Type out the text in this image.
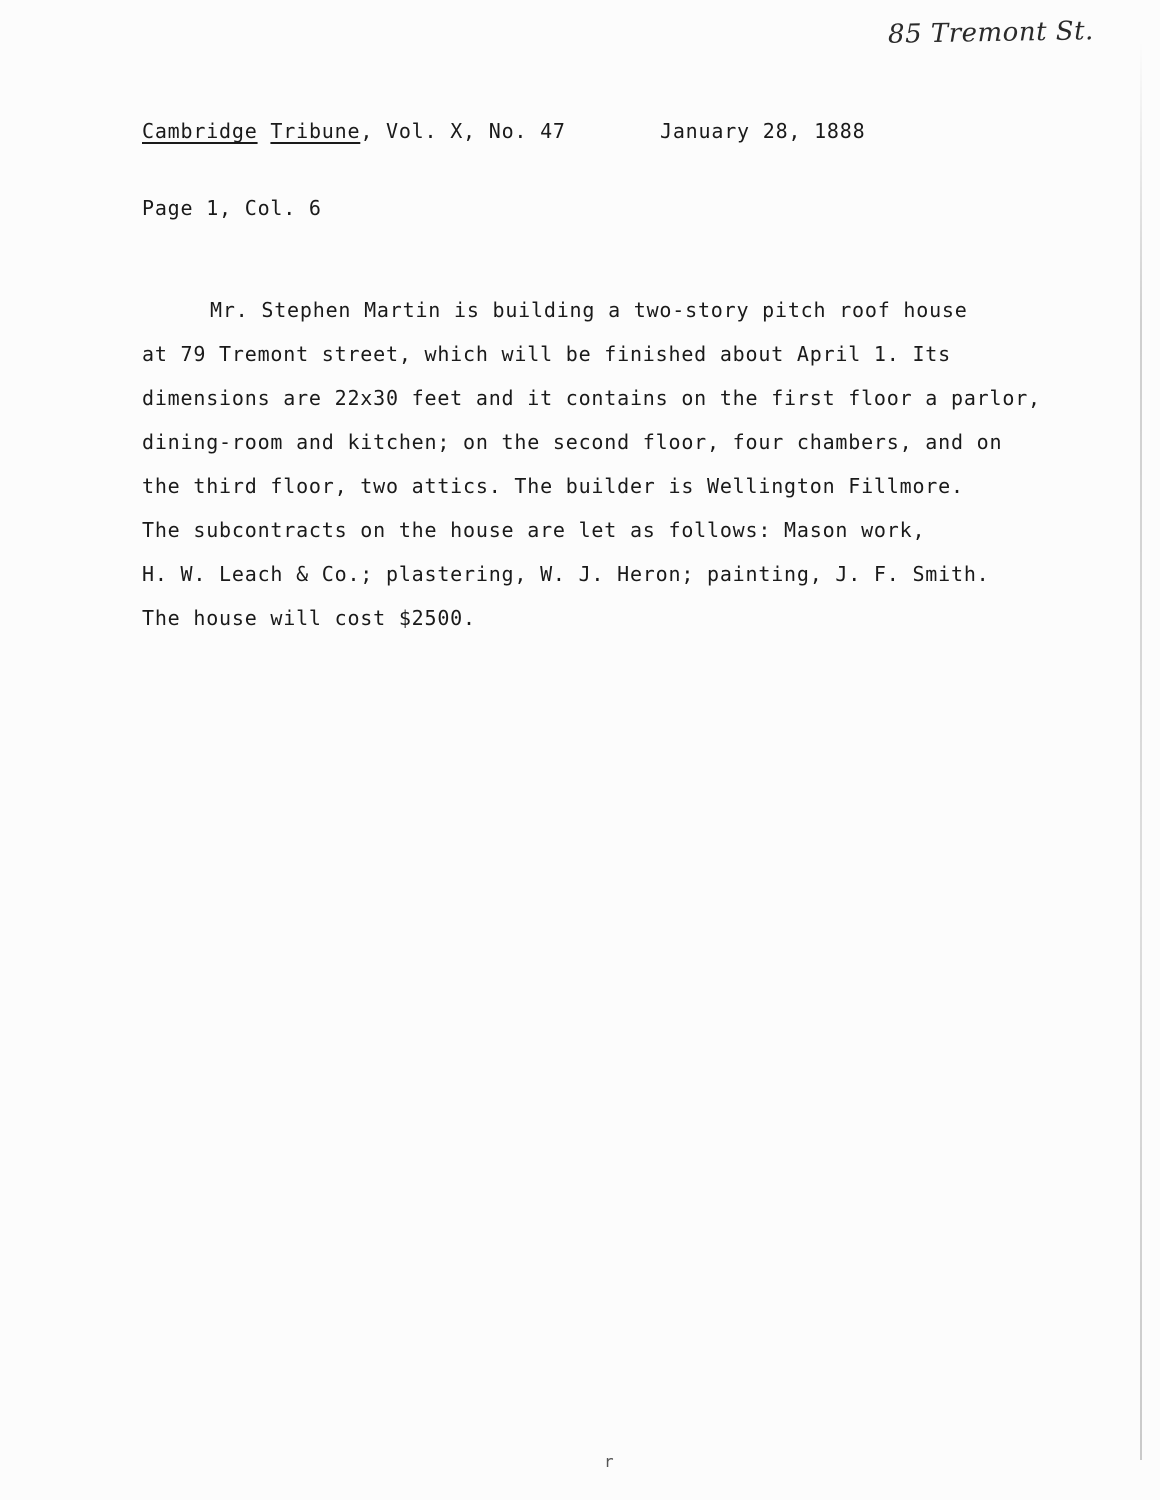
85 Tremont St.
Cambridge Tribune, Vol. X, No. 47	January 28, 1888
Page 1, Col. 6
Mr. Stephen Martin is building a two-story pitch roof house
at 79 Tremont street, which will be finished about April 1. Its
dimensions are 22x30 feet and it contains on the first floor a parlor,
dining-room and kitchen; on the second floor, four chambers, and on
the third floor, two attics. The builder is Wellington Fillmore.
The subcontracts on the house are let as follows: Mason work,
H. W. Leach & Co.; plastering, W. J. Heron; painting, J. F. Smith.
The house will cost $2500.
r
